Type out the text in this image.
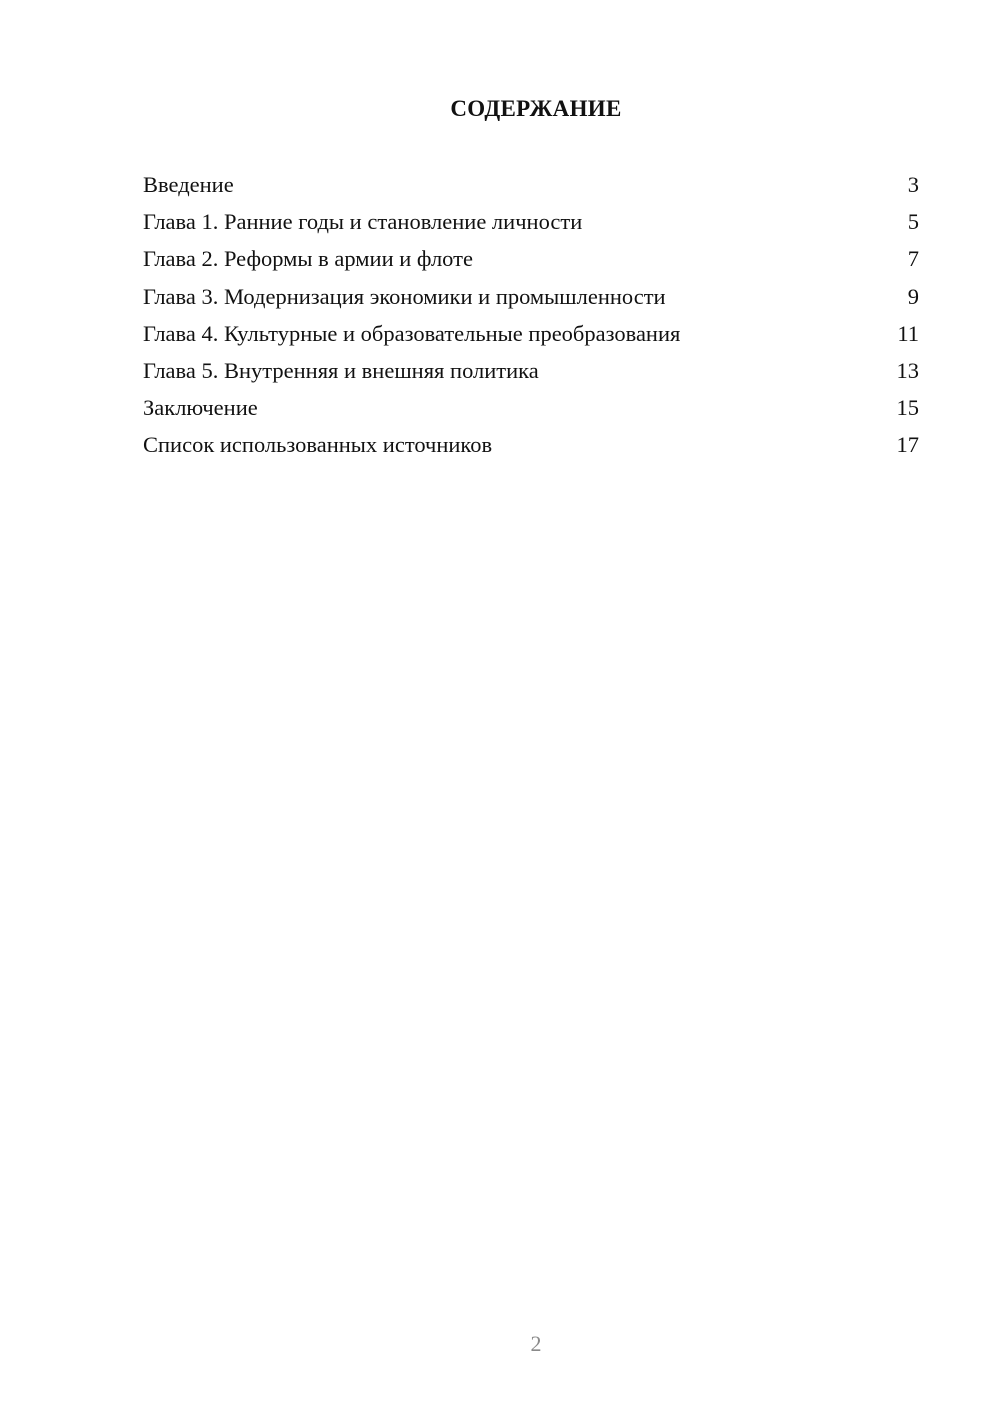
СОДЕРЖАНИЕ
Введение	3
Глава 1. Ранние годы и становление личности	5
Глава 2. Реформы в армии и флоте	7
Глава 3. Модернизация экономики и промышленности	9
Глава 4. Культурные и образовательные преобразования	11
Глава 5. Внутренняя и внешняя политика	13
Заключение	15
Список использованных источников	17
2
